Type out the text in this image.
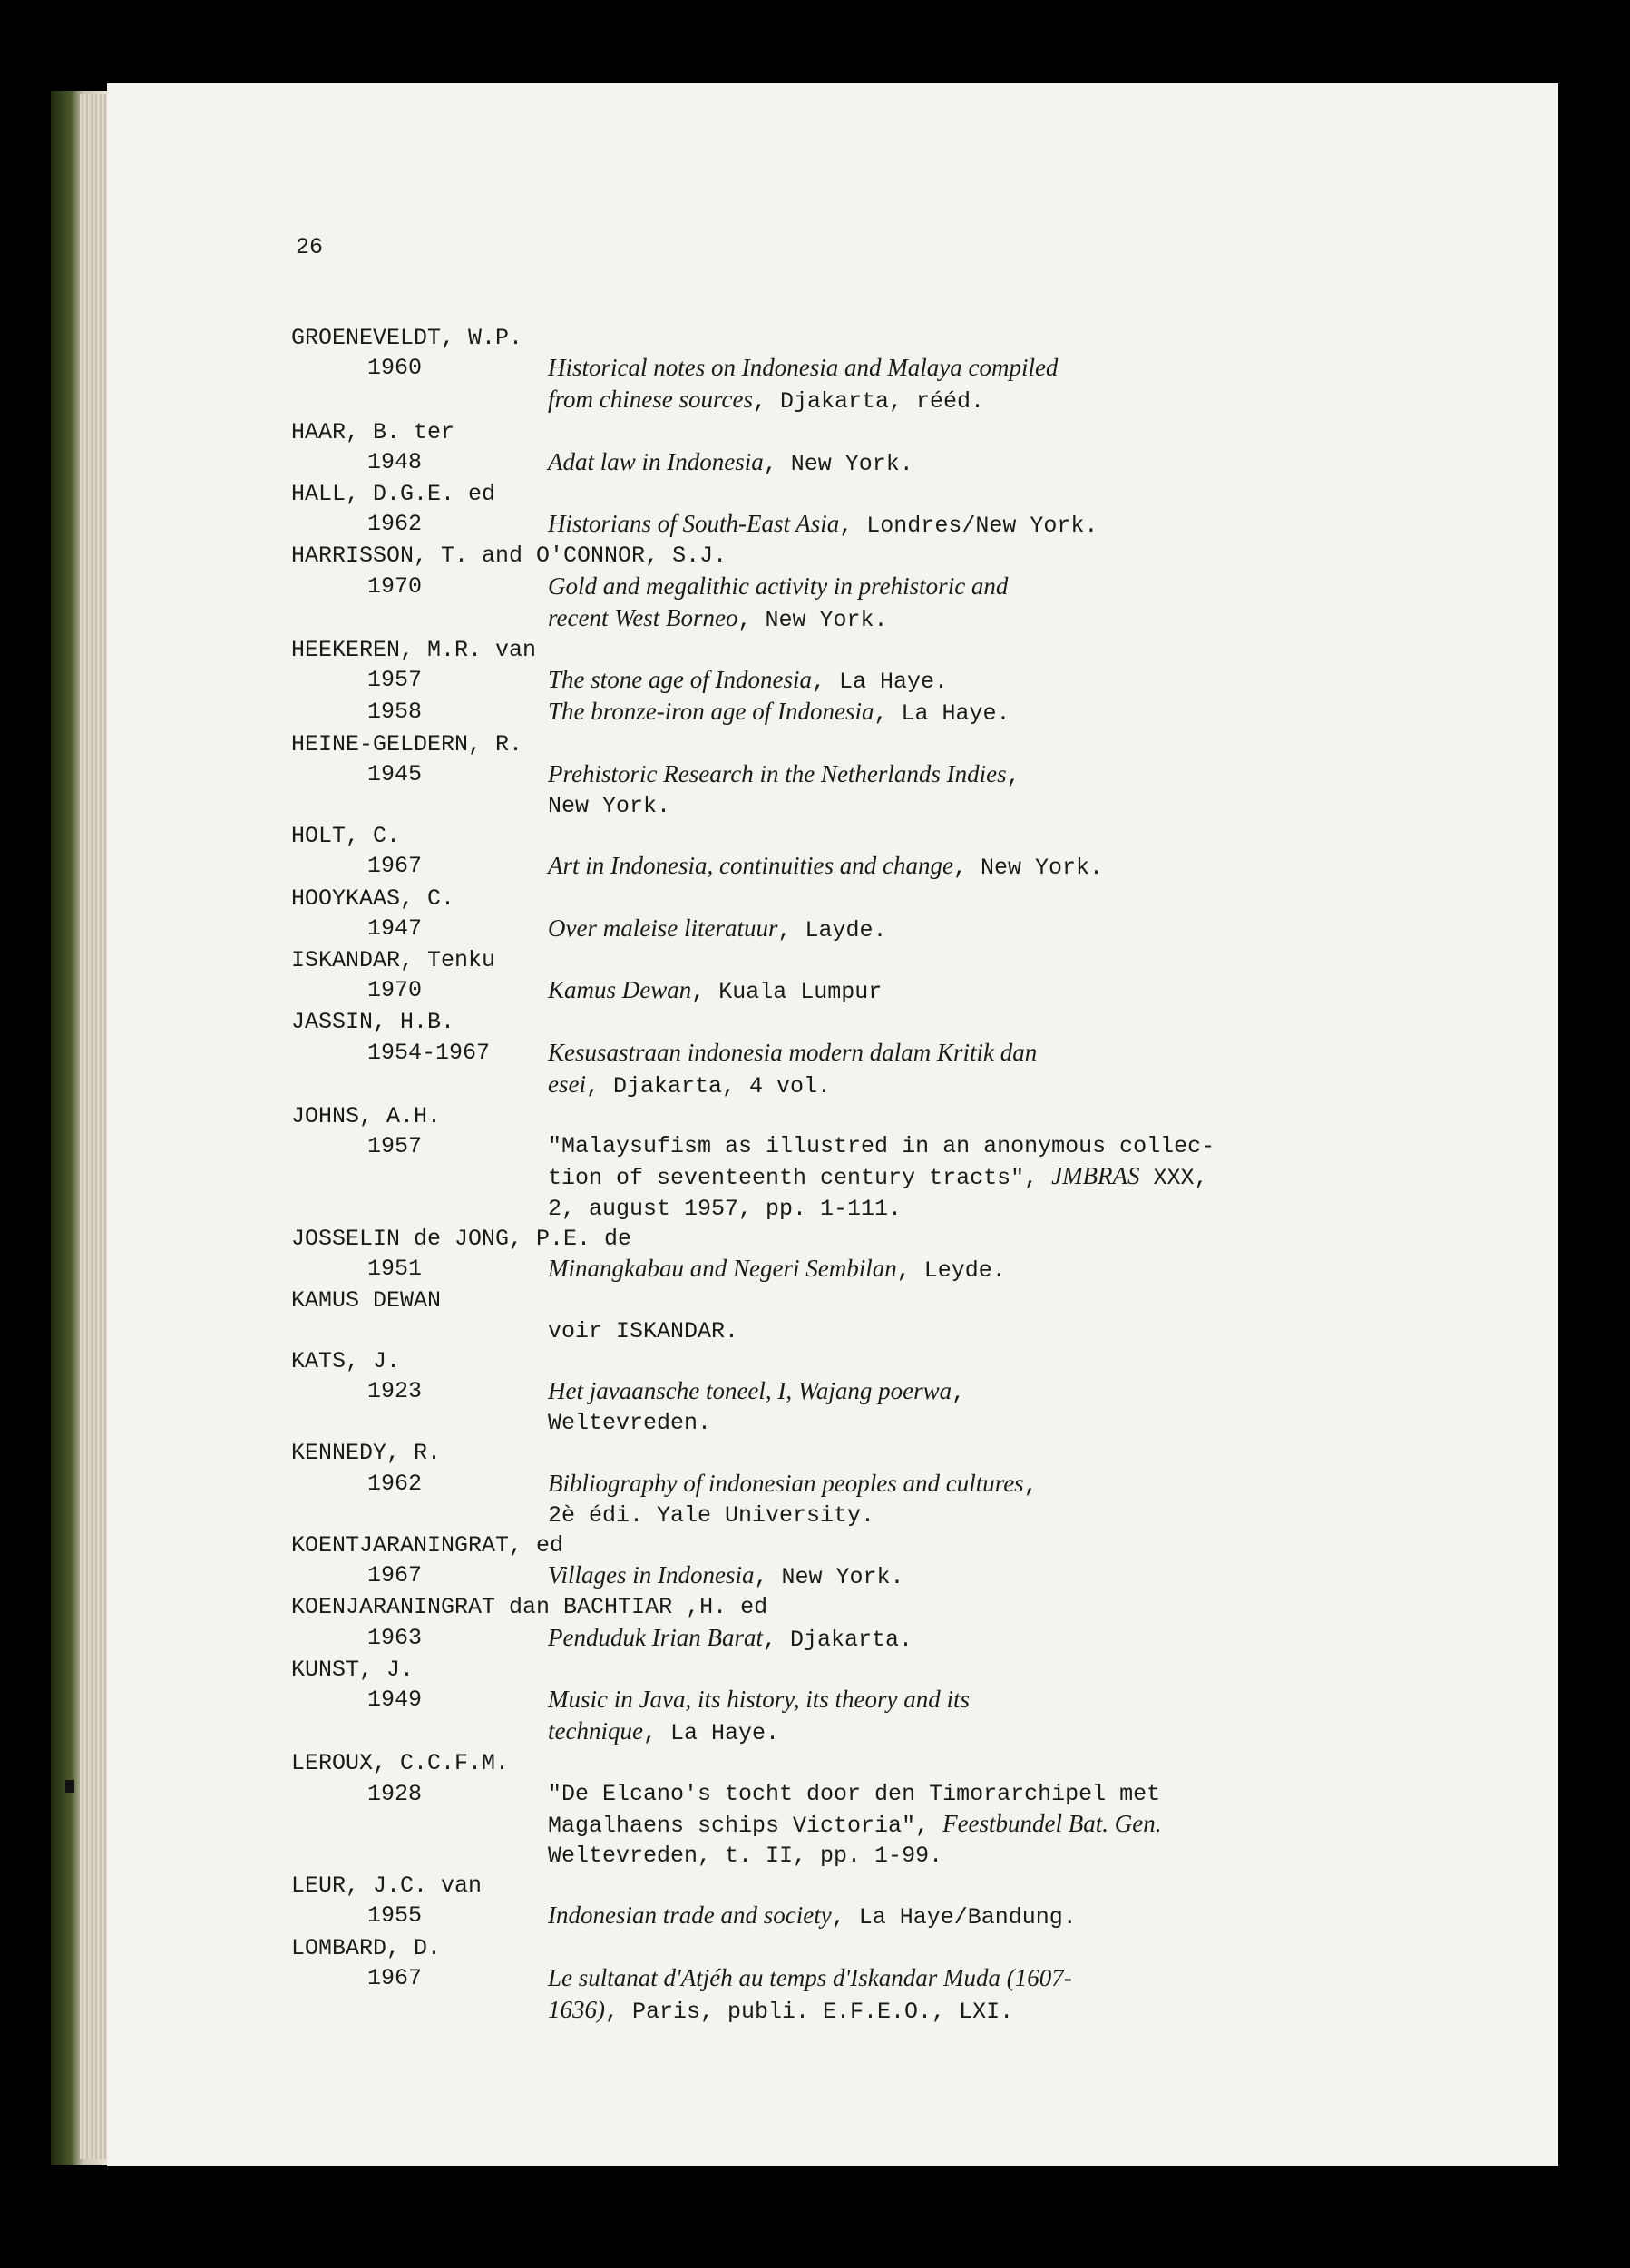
26
GROENEVELDT, W.P.
1960	Historical notes on Indonesia and Malaya compiled
from chinese sources, Djakarta, rééd.
HAAR, B. ter
1948	Adat law in Indonesia, New York.
HALL, D.G.E. ed
1962	Historians of South-East Asia, Londres/New York.
HARRISSON, T. and O'CONNOR, S.J.
1970	Gold and megalithic activity in prehistoric and
recent West Borneo, New York.
HEEKEREN, M.R. van
1957	The stone age of Indonesia, La Haye.
1958	The bronze-iron age of Indonesia, La Haye.
HEINE-GELDERN, R.
1945	Prehistoric Research in the Netherlands Indies,
New York.
HOLT, C.
1967	Art in Indonesia, continuities and change, New York.
HOOYKAAS, C.
1947	Over maleise literatuur, Layde.
ISKANDAR, Tenku
1970	Kamus Dewan, Kuala Lumpur
JASSIN, H.B.
1954-1967	Kesusastraan indonesia modern dalam Kritik dan
esei, Djakarta, 4 vol.
JOHNS, A.H.
1957	"Malaysufism as illustred in an anonymous collec-
tion of seventeenth century tracts", JMBRAS XXX,
2, august 1957, pp. 1-111.
JOSSELIN de JONG, P.E. de
1951	Minangkabau and Negeri Sembilan, Leyde.
KAMUS DEWAN
voir ISKANDAR.
KATS, J.
1923	Het javaansche toneel, I, Wajang poerwa,
Weltevreden.
KENNEDY, R.
1962	Bibliography of indonesian peoples and cultures,
2è édi. Yale University.
KOENTJARANINGRAT, ed
1967	Villages in Indonesia, New York.
KOENJARANINGRAT dan BACHTIAR ,H. ed
1963	Penduduk Irian Barat, Djakarta.
KUNST, J.
1949	Music in Java, its history, its theory and its
technique, La Haye.
LEROUX, C.C.F.M.
1928	"De Elcano's tocht door den Timorarchipel met
Magalhaens schips Victoria", Feestbundel Bat. Gen.
Weltevreden, t. II, pp. 1-99.
LEUR, J.C. van
1955	Indonesian trade and society, La Haye/Bandung.
LOMBARD, D.
1967	Le sultanat d'Atjéh au temps d'Iskandar Muda (1607-
1636), Paris, publi. E.F.E.O., LXI.
